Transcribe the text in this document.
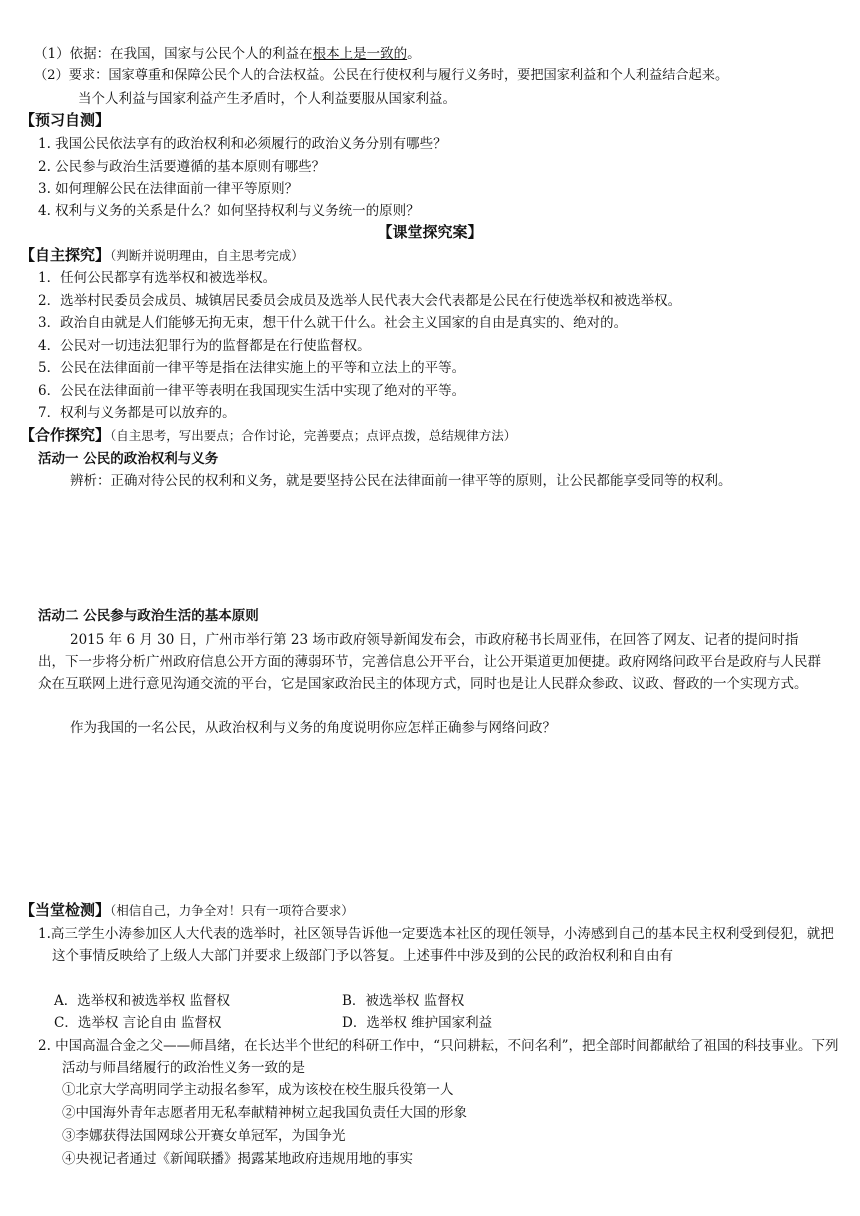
（1）依据：在我国，国家与公民个人的利益在根本上是一致的。
（2）要求：国家尊重和保障公民个人的合法权益。公民在行使权利与履行义务时，要把国家利益和个人利益结合起来。
当个人利益与国家利益产生矛盾时，个人利益要服从国家利益。
【预习自测】
1. 我国公民依法享有的政治权利和必须履行的政治义务分别有哪些？
2. 公民参与政治生活要遵循的基本原则有哪些？
3. 如何理解公民在法律面前一律平等原则？
4. 权利与义务的关系是什么？如何坚持权利与义务统一的原则？
【课堂探究案】
【自主探究】（判断并说明理由，自主思考完成）
1．任何公民都享有选举权和被选举权。
2．选举村民委员会成员、城镇居民委员会成员及选举人民代表大会代表都是公民在行使选举权和被选举权。
3．政治自由就是人们能够无拘无束，想干什么就干什么。社会主义国家的自由是真实的、绝对的。
4．公民对一切违法犯罪行为的监督都是在行使监督权。
5．公民在法律面前一律平等是指在法律实施上的平等和立法上的平等。
6．公民在法律面前一律平等表明在我国现实生活中实现了绝对的平等。
7．权利与义务都是可以放弃的。
【合作探究】（自主思考，写出要点；合作讨论，完善要点；点评点拨，总结规律方法）
活动一 公民的政治权利与义务
辨析：正确对待公民的权利和义务，就是要坚持公民在法律面前一律平等的原则，让公民都能享受同等的权利。
活动二 公民参与政治生活的基本原则
2015 年 6 月 30 日，广州市举行第 23 场市政府领导新闻发布会，市政府秘书长周亚伟，在回答了网友、记者的提问时指出，下一步将分析广州政府信息公开方面的薄弱环节，完善信息公开平台，让公开渠道更加便捷。政府网络问政平台是政府与人民群众在互联网上进行意见沟通交流的平台，它是国家政治民主的体现方式，同时也是让人民群众参政、议政、督政的一个实现方式。
作为我国的一名公民，从政治权利与义务的角度说明你应怎样正确参与网络问政？
【当堂检测】（相信自己，力争全对！只有一项符合要求）
1.高三学生小涛参加区人大代表的选举时，社区领导告诉他一定要选本社区的现任领导，小涛感到自己的基本民主权利受到侵犯，就把这个事情反映给了上级人大部门并要求上级部门予以答复。上述事件中涉及到的公民的政治权利和自由有
A．选举权和被选举权 监督权	B．被选举权 监督权
C．选举权 言论自由 监督权	D．选举权 维护国家利益
2. 中国高温合金之父——师昌绪，在长达半个世纪的科研工作中，“只问耕耘，不问名利”，把全部时间都献给了祖国的科技事业。下列活动与师昌绪履行的政治性义务一致的是
①北京大学高明同学主动报名参军，成为该校在校生服兵役第一人
②中国海外青年志愿者用无私奉献精神树立起我国负责任大国的形象
③李娜获得法国网球公开赛女单冠军，为国争光
④央视记者通过《新闻联播》揭露某地政府违规用地的事实
